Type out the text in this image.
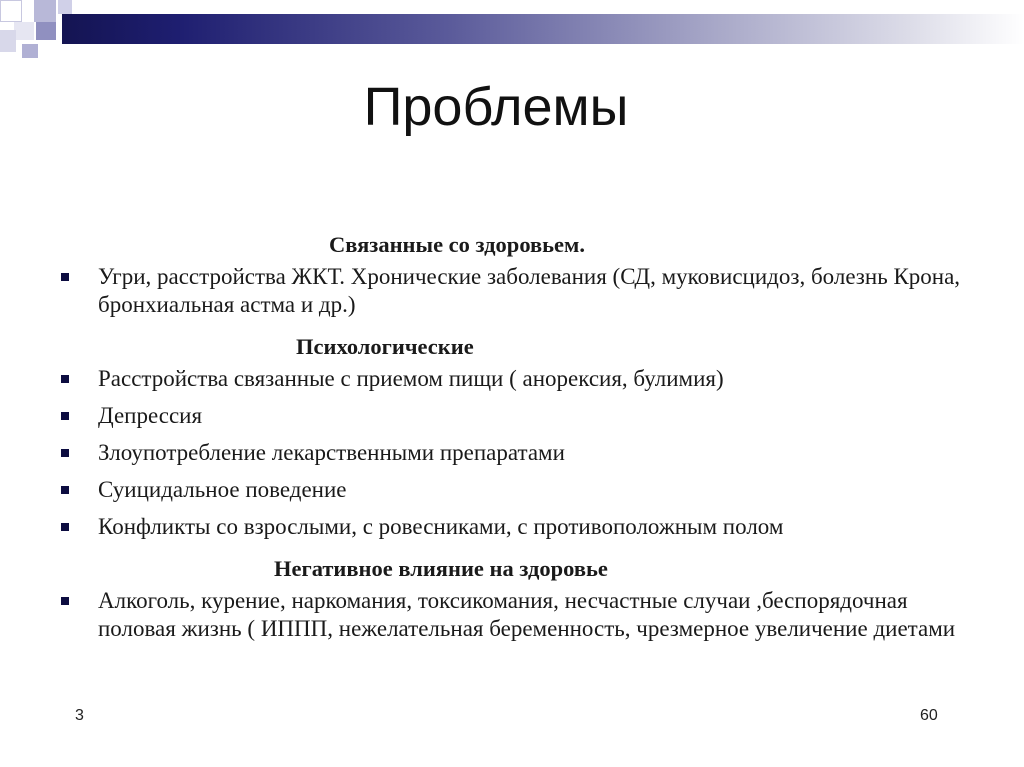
Проблемы
Связанные со здоровьем.
Угри, расстройства ЖКТ. Хронические заболевания (СД, муковисцидоз, болезнь Крона, бронхиальная астма и др.)
Психологические
Расстройства связанные с приемом пищи ( анорексия, булимия)
Депрессия
Злоупотребление лекарственными препаратами
Суицидальное поведение
Конфликты со взрослыми, с ровесниками, с противоположным полом
Негативное влияние на здоровье
Алкоголь, курение, наркомания, токсикомания, несчастные случаи ,беспорядочная половая жизнь ( ИППП, нежелательная беременность, чрезмерное увеличение диетами
3	60
